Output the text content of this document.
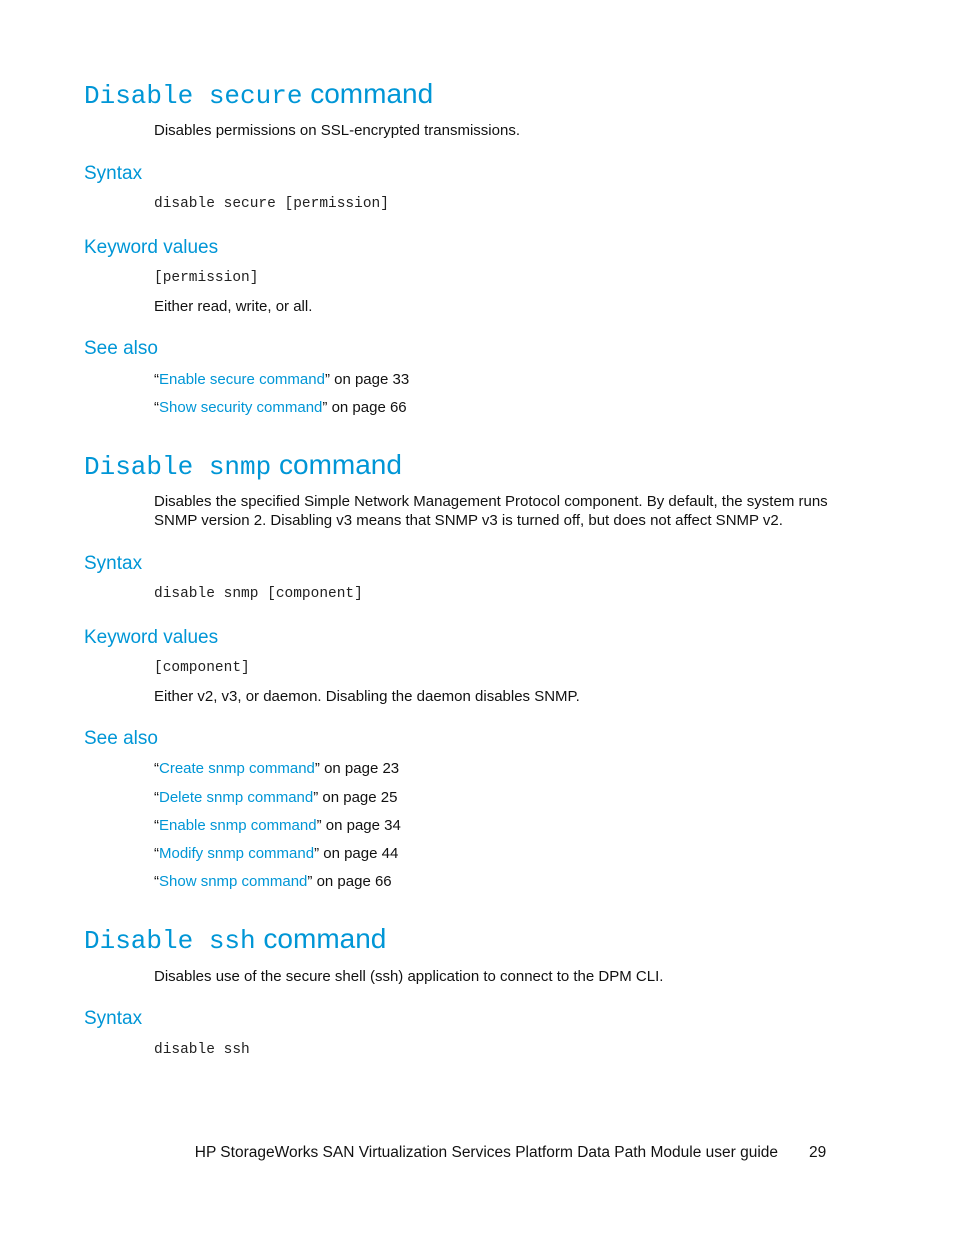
Disable secure command
Disables permissions on SSL-encrypted transmissions.
Syntax
disable secure [permission]
Keyword values
[permission]
Either read, write, or all.
See also
“Enable secure command” on page 33
“Show security command” on page 66
Disable snmp command
Disables the specified Simple Network Management Protocol component. By default, the system runs SNMP version 2. Disabling v3 means that SNMP v3 is turned off, but does not affect SNMP v2.
Syntax
disable snmp [component]
Keyword values
[component]
Either v2, v3, or daemon. Disabling the daemon disables SNMP.
See also
“Create snmp command” on page 23
“Delete snmp command” on page 25
“Enable snmp command” on page 34
“Modify snmp command” on page 44
“Show snmp command” on page 66
Disable ssh command
Disables use of the secure shell (ssh) application to connect to the DPM CLI.
Syntax
disable ssh
HP StorageWorks SAN Virtualization Services Platform Data Path Module user guide 29
